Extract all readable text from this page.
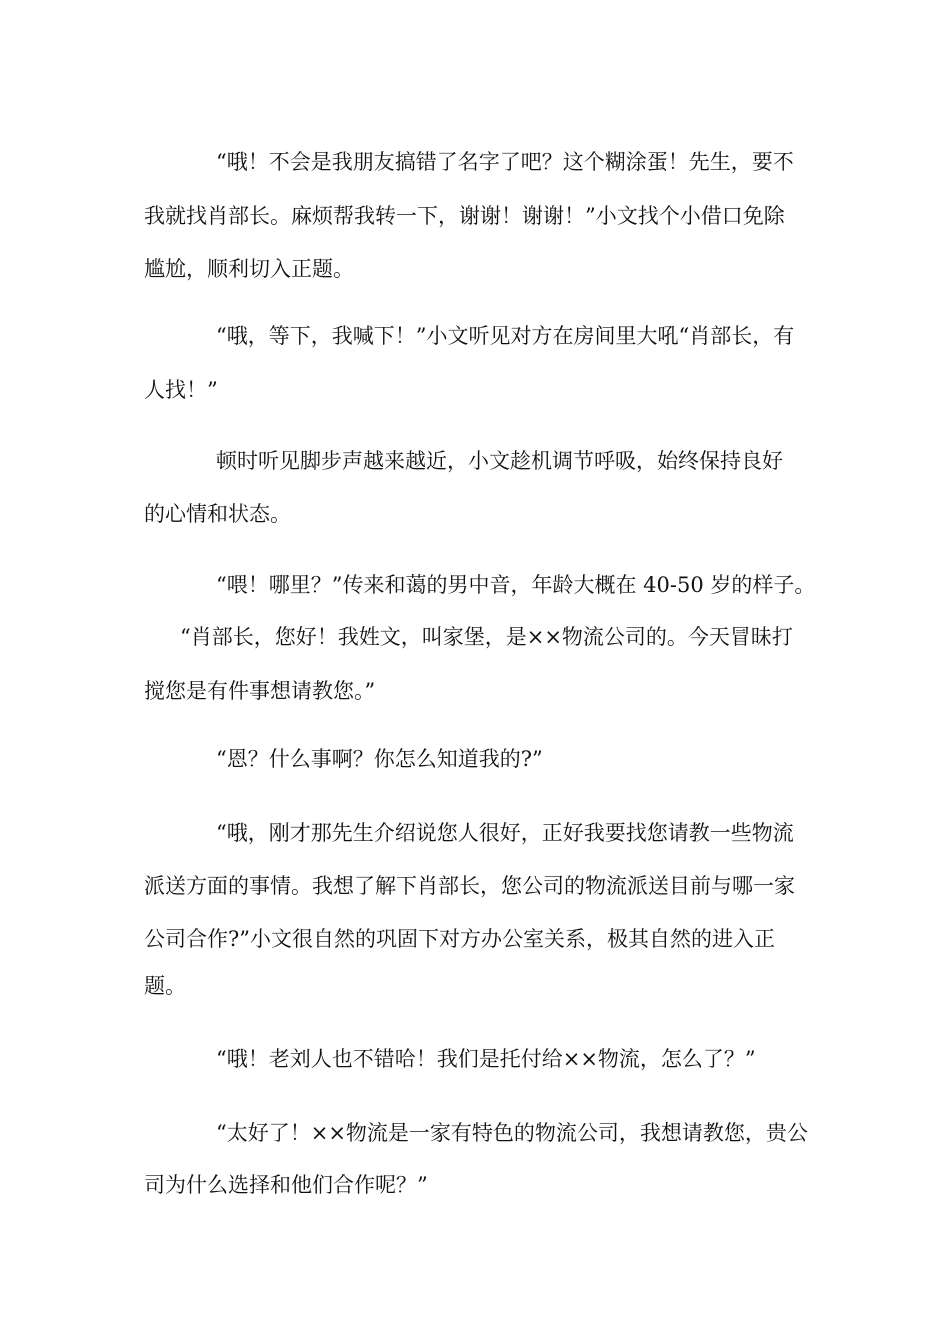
“哦！不会是我朋友搞错了名字了吧？这个糊涂蛋！先生，要不

我就找肖部长。麻烦帮我转一下，谢谢！谢谢！”小文找个小借口免除

尴尬，顺利切入正题。

“哦，等下，我喊下！”小文听见对方在房间里大吼“肖部长，有

人找！”

顿时听见脚步声越来越近，小文趁机调节呼吸，始终保持良好

的心情和状态。

“喂！哪里？”传来和蔼的男中音，年龄大概在 40-50 岁的样子。

“肖部长，您好！我姓文，叫家堡，是××物流公司的。今天冒昧打

搅您是有件事想请教您。”

“恩？什么事啊？你怎么知道我的?”

“哦，刚才那先生介绍说您人很好，正好我要找您请教一些物流

派送方面的事情。我想了解下肖部长，您公司的物流派送目前与哪一家

公司合作?”小文很自然的巩固下对方办公室关系，极其自然的进入正

题。

“哦！老刘人也不错哈！我们是托付给××物流，怎么了？”

“太好了！××物流是一家有特色的物流公司，我想请教您，贵公

司为什么选择和他们合作呢？”
